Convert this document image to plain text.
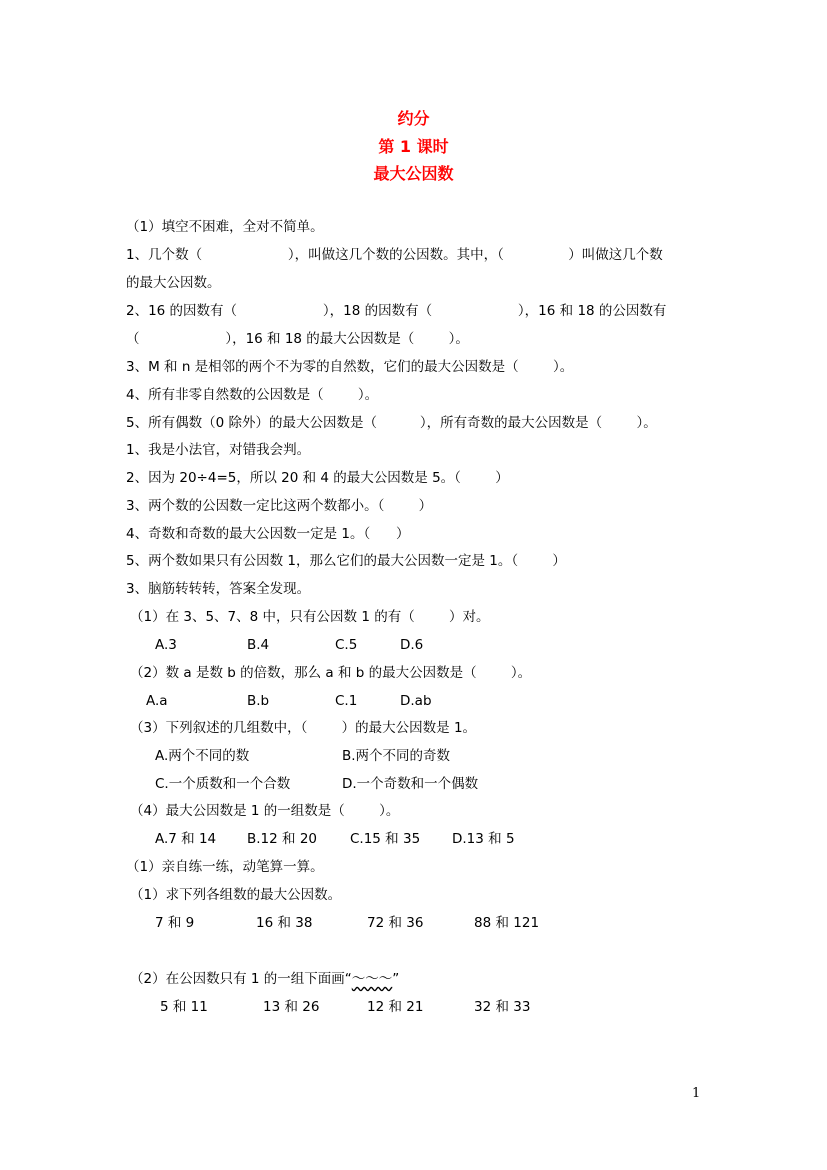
约分
第 1 课时
最大公因数
（1）填空不困难，全对不简单。
1、几个数（                    ），叫做这几个数的公因数。其中，（               ）叫做这几个数
的最大公因数。
2、16 的因数有（                    ），18 的因数有（                    ），16 和 18 的公因数有
（                    ），16 和 18 的最大公因数是（        ）。
3、M 和 n 是相邻的两个不为零的自然数，它们的最大公因数是（        ）。
4、所有非零自然数的公因数是（        ）。
5、所有偶数（0 除外）的最大公因数是（          ），所有奇数的最大公因数是（        ）。
1、我是小法官，对错我会判。
2、因为 20÷4=5，所以 20 和 4 的最大公因数是 5。（        ）
3、两个数的公因数一定比这两个数都小。（        ）
4、奇数和奇数的最大公因数一定是 1。（      ）
5、两个数如果只有公因数 1，那么它们的最大公因数一定是 1。（        ）
3、脑筋转转转，答案全发现。
（1）在 3、5、7、8 中，只有公因数 1 的有（        ）对。
A.3	B.4	C.5	D.6
（2）数 a 是数 b 的倍数，那么 a 和 b 的最大公因数是（        ）。
A.a	B.b	C.1	D.ab
（3）下列叙述的几组数中，（        ）的最大公因数是 1。
A.两个不同的数	B.两个不同的奇数
C.一个质数和一个合数	D.一个奇数和一个偶数
（4）最大公因数是 1 的一组数是（        ）。
A.7 和 14 B.12 和 20 C.15 和 35 D.13 和 5
（1）亲自练一练，动笔算一算。
（1）求下列各组数的最大公因数。
7 和 9	16 和 38	72 和 36	88 和 121
（2）在公因数只有 1 的一组下面画“～～～”
5 和 11	13 和 26	12 和 21	32 和 33
1
